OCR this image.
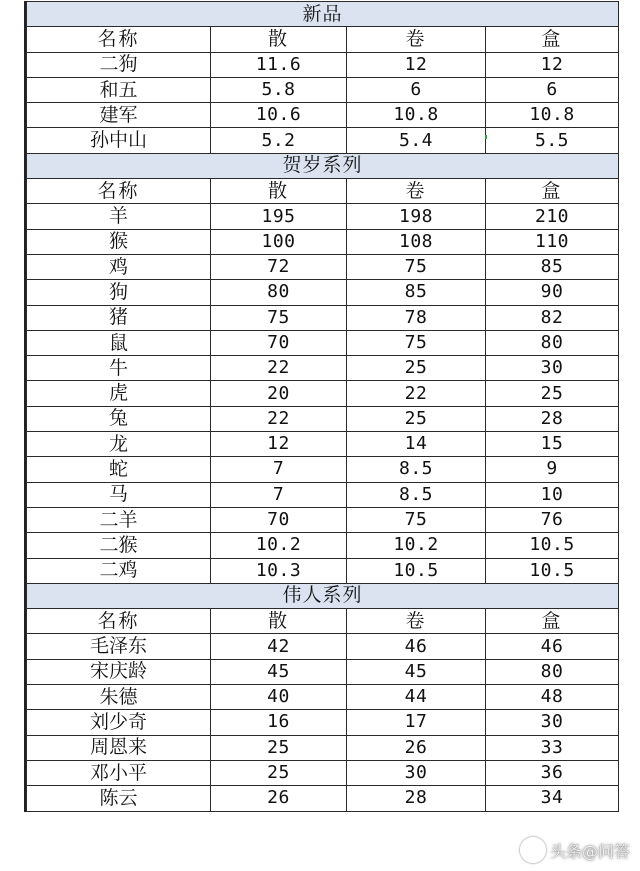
新品			
名称	散	卷	盒
二狗	11.6	12	12
和五	5.8	6	6
建军	10.6	10.8	10.8
孙中山	5.2	5.4	5.5
贺岁系列			
名称	散	卷	盒
羊	195	198	210
猴	100	108	110
鸡	72	75	85
狗	80	85	90
猪	75	78	82
鼠	70	75	80
牛	22	25	30
虎	20	22	25
兔	22	25	28
龙	12	14	15
蛇	7	8.5	9
马	7	8.5	10
二羊	70	75	76
二猴	10.2	10.2	10.5
二鸡	10.3	10.5	10.5
伟人系列			
名称	散	卷	盒
毛泽东	42	46	46
宋庆龄	45	45	80
朱德	40	44	48
刘少奇	16	17	30
周恩来	25	26	33
邓小平	25	30	36
陈云	26	28	34
头条@问答
